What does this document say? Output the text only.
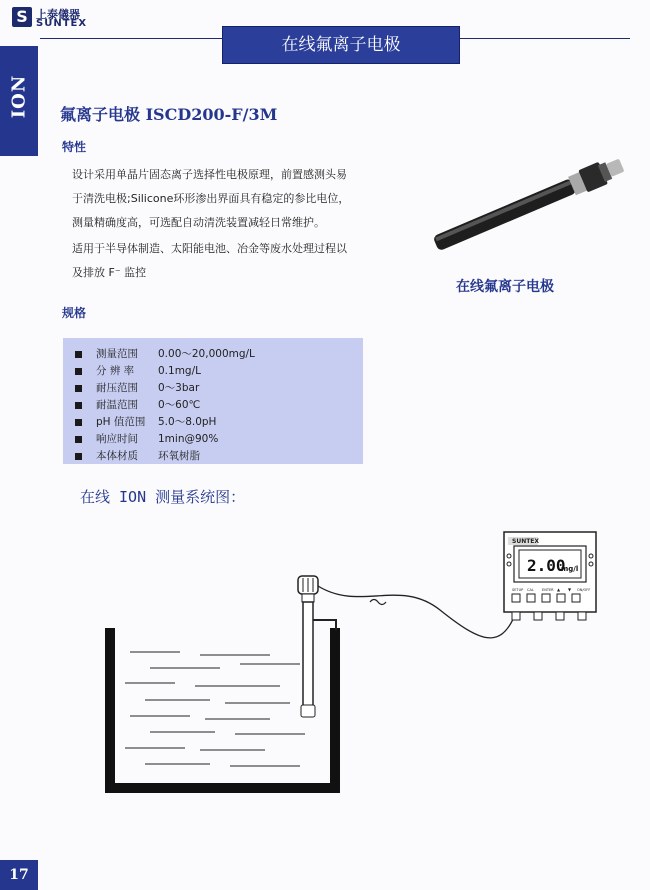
S 上泰儀器
SUNTEX
在线氟离子电极
ION 氟离子电极 ISCD200-F/3M
特性
设计采用单晶片固态离子选择性电极原理，前置感测头易
于清洗电极;Silicone环形渗出界面具有稳定的参比电位，
测量精确度高，可选配自动清洗装置减轻日常维护。
适用于半导体制造、太阳能电池、冶金等废水处理过程以
及排放 F⁻ 监控
在线氟离子电极
规格
测量范围 0.00～20,000mg/L
分 辨 率 0.1mg/L
耐压范围 0～3bar
耐温范围 0～60℃
pH 值范围 5.0～8.0pH
响应时间 1min@90%
本体材质 环氧树脂
在线 ION 测量系统图：
SUNTEX
2.00
mg/l
SETUP CAL ENTER ▲ ▼ ON/OFF
17
